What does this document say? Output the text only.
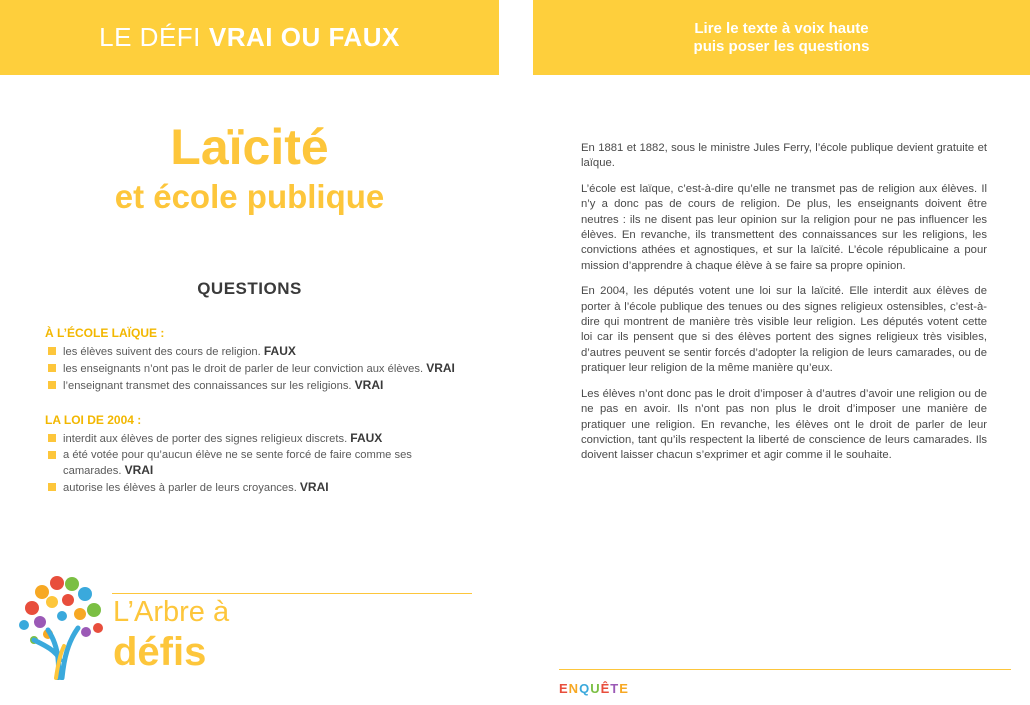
LE DÉFI VRAI OU FAUX
Laïcité
et école publique
QUESTIONS
À L’ÉCOLE LAÏQUE :
les élèves suivent des cours de religion. FAUX
les enseignants n’ont pas le droit de parler de leur conviction aux élèves. VRAI
l’enseignant transmet des connaissances sur les religions. VRAI
LA LOI DE 2004 :
interdit aux élèves de porter des signes religieux discrets. FAUX
a été votée pour qu’aucun élève ne se sente forcé de faire comme ses camarades. VRAI
autorise les élèves à parler de leurs croyances. VRAI
L’Arbre à
défis
Lire le texte à voix haute
puis poser les questions

En 1881 et 1882, sous le ministre Jules Ferry, l’école publique devient gratuite et laïque.

L’école est laïque, c’est-à-dire qu’elle ne transmet pas de religion aux élèves. Il n’y a donc pas de cours de religion. De plus, les enseignants doivent être neutres : ils ne disent pas leur opinion sur la religion pour ne pas influencer les élèves. En revanche, ils transmettent des connaissances sur les religions, les convictions athées et agnostiques, et sur la laïcité. L’école républicaine a pour mission d’apprendre à chaque élève à se faire sa propre opinion.

En 2004, les députés votent une loi sur la laïcité. Elle interdit aux élèves de porter à l’école publique des tenues ou des signes religieux ostensibles, c’est-à-dire qui montrent de manière très visible leur religion. Les députés votent cette loi car ils pensent que si des élèves portent des signes religieux très visibles, d’autres peuvent se sentir forcés d’adopter la religion de leurs camarades, ou de pratiquer leur religion de la même manière qu’eux.

Les élèves n’ont donc pas le droit d’imposer à d’autres d’avoir une religion ou de ne pas en avoir. Ils n’ont pas non plus le droit d’imposer une manière de pratiquer une religion. En revanche, les élèves ont le droit de parler de leur conviction, tant qu’ils respectent la liberté de conscience de leurs camarades. Ils doivent laisser chacun s’exprimer et agir comme il le souhaite.

ENQUÊTE
